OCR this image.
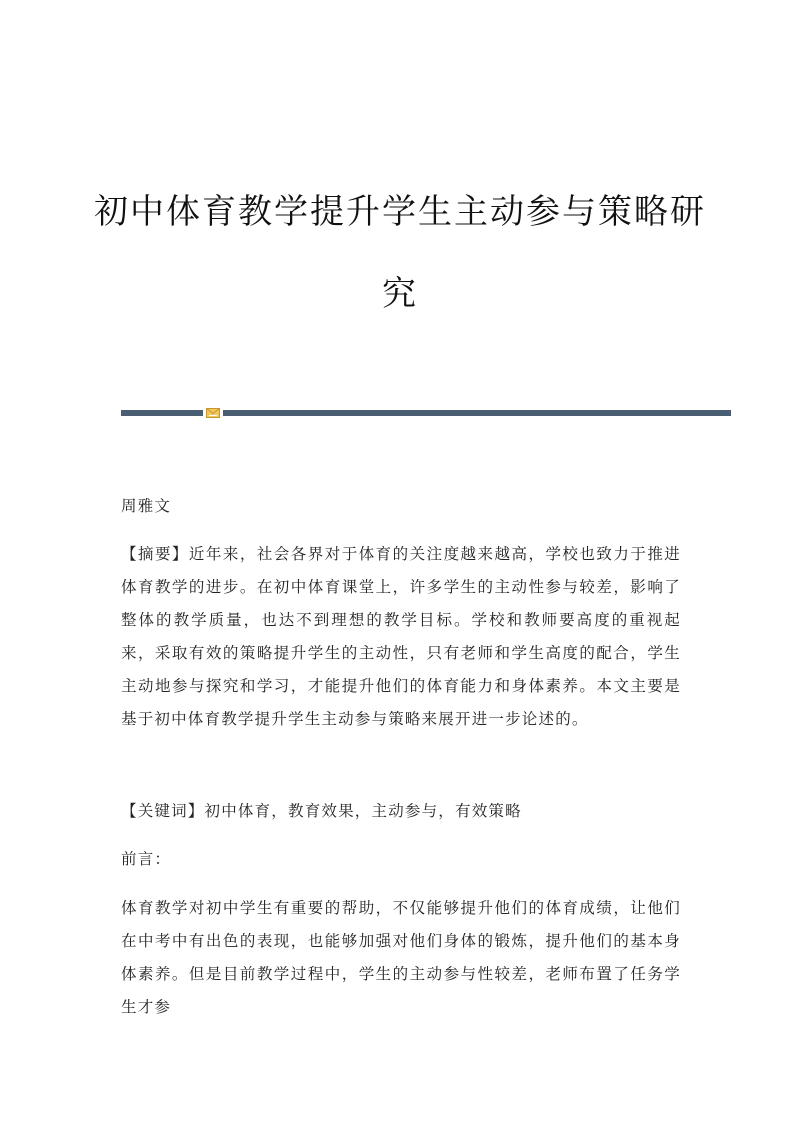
初中体育教学提升学生主动参与策略研
究

周雅文

【摘要】近年来，社会各界对于体育的关注度越来越高，学校也致力于推进体育教学的进步。在初中体育课堂上，许多学生的主动性参与较差，影响了整体的教学质量，也达不到理想的教学目标。学校和教师要高度的重视起来，采取有效的策略提升学生的主动性，只有老师和学生高度的配合，学生主动地参与探究和学习，才能提升他们的体育能力和身体素养。本文主要是基于初中体育教学提升学生主动参与策略来展开进一步论述的。

【关键词】初中体育，教育效果，主动参与，有效策略

前言：

体育教学对初中学生有重要的帮助，不仅能够提升他们的体育成绩，让他们在中考中有出色的表现，也能够加强对他们身体的锻炼，提升他们的基本身体素养。但是目前教学过程中，学生的主动参与性较差，老师布置了任务学生才参
